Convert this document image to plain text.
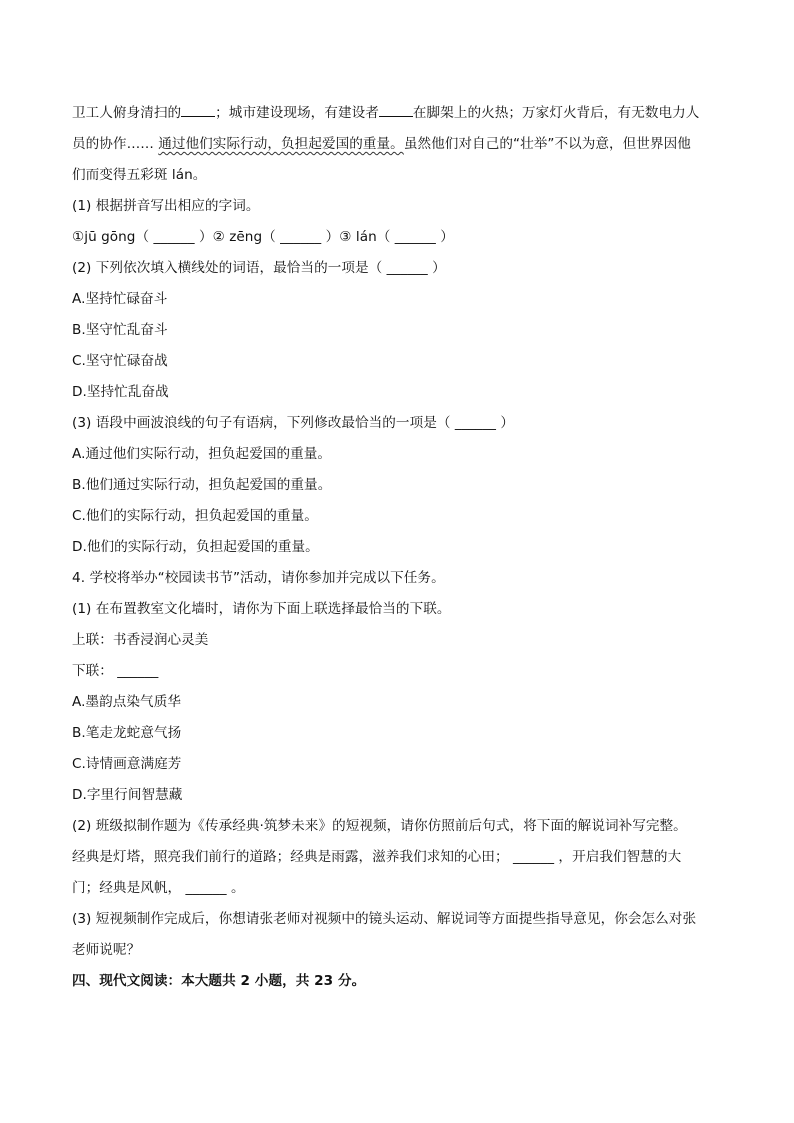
卫工人俯身清扫的	；城市建设现场，有建设者	在脚架上的火热；万家灯火背后，有无数电力人
员的协作…… 通过他们实际行动，负担起爱国的重量。虽然他们对自己的“壮举”不以为意，但世界因他
们而变得五彩斑 lán。
(1) 根据拼音写出相应的字词。
①jū gōng（ ______ ）② zēng（ ______ ）③ lán（ ______ ）
(2) 下列依次填入横线处的词语，最恰当的一项是（ ______ ）
A.坚持忙碌奋斗
B.坚守忙乱奋斗
C.坚守忙碌奋战
D.坚持忙乱奋战
(3) 语段中画波浪线的句子有语病，下列修改最恰当的一项是（ ______ ）
A.通过他们实际行动，担负起爱国的重量。
B.他们通过实际行动，担负起爱国的重量。
C.他们的实际行动，担负起爱国的重量。
D.他们的实际行动，负担起爱国的重量。
4. 学校将举办“校园读书节”活动，请你参加并完成以下任务。
(1) 在布置教室文化墙时，请你为下面上联选择最恰当的下联。
上联：书香浸润心灵美
下联： ______
A.墨韵点染气质华
B.笔走龙蛇意气扬
C.诗情画意满庭芳
D.字里行间智慧藏
(2) 班级拟制作题为《传承经典·筑梦未来》的短视频，请你仿照前后句式，将下面的解说词补写完整。
经典是灯塔，照亮我们前行的道路；经典是雨露，滋养我们求知的心田； ______ ，开启我们智慧的大
门；经典是风帆， ______ 。
(3) 短视频制作完成后，你想请张老师对视频中的镜头运动、解说词等方面提些指导意见，你会怎么对张
老师说呢？
四、现代文阅读：本大题共 2 小题，共 23 分。
